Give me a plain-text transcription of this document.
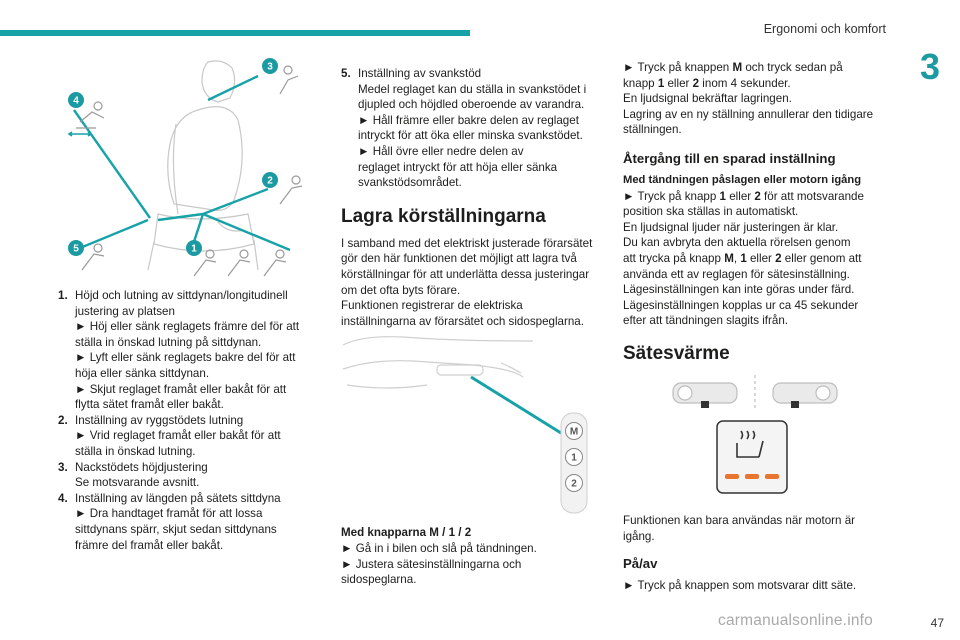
Ergonomi och komfort
3
3
4
2
5	1
1. Höjd och lutning av sittdynan/longitudinell
justering av platsen
► Höj eller sänk reglagets främre del för att
ställa in önskad lutning på sittdynan.
► Lyft eller sänk reglagets bakre del för att
höja eller sänka sittdynan.
► Skjut reglaget framåt eller bakåt för att
flytta sätet framåt eller bakåt.
2. Inställning av ryggstödets lutning
► Vrid reglaget framåt eller bakåt för att
ställa in önskad lutning.
3. Nackstödets höjdjustering
Se motsvarande avsnitt.
4. Inställning av längden på sätets sittdyna
► Dra handtaget framåt för att lossa
sittdynans spärr, skjut sedan sittdynans
främre del framåt eller bakåt.
5. Inställning av svankstöd
Medel reglaget kan du ställa in svankstödet i
djupled och höjdled oberoende av varandra.
► Håll främre eller bakre delen av reglaget
intryckt för att öka eller minska svankstödet.
► Håll övre eller nedre delen av
reglaget intryckt för att höja eller sänka
svankstödsområdet.
Lagra körställningarna
I samband med det elektriskt justerade förarsätet
gör den här funktionen det möjligt att lagra två
körställningar för att underlätta dessa justeringar
om det ofta byts förare.
Funktionen registrerar de elektriska
inställningarna av förarsätet och sidospeglarna.
M
1
2
Med knapparna M / 1 / 2
► Gå in i bilen och slå på tändningen.
► Justera sätesinställningarna och
sidospeglarna.
► Tryck på knappen M och tryck sedan på
knapp 1 eller 2 inom 4 sekunder.
En ljudsignal bekräftar lagringen.
Lagring av en ny ställning annullerar den tidigare
ställningen.
Återgång till en sparad inställning
Med tändningen påslagen eller motorn igång
► Tryck på knapp 1 eller 2 för att motsvarande
position ska ställas in automatiskt.
En ljudsignal ljuder när justeringen är klar.
Du kan avbryta den aktuella rörelsen genom
att trycka på knapp M, 1 eller 2 eller genom att
använda ett av reglagen för sätesinställning.
Lägesinställningen kan inte göras under färd.
Lägesinställningen kopplas ur ca 45 sekunder
efter att tändningen slagits ifrån.
Sätesvärme
Funktionen kan bara användas när motorn är
igång.
På/av
► Tryck på knappen som motsvarar ditt säte.
carmanualsonline.info	47
